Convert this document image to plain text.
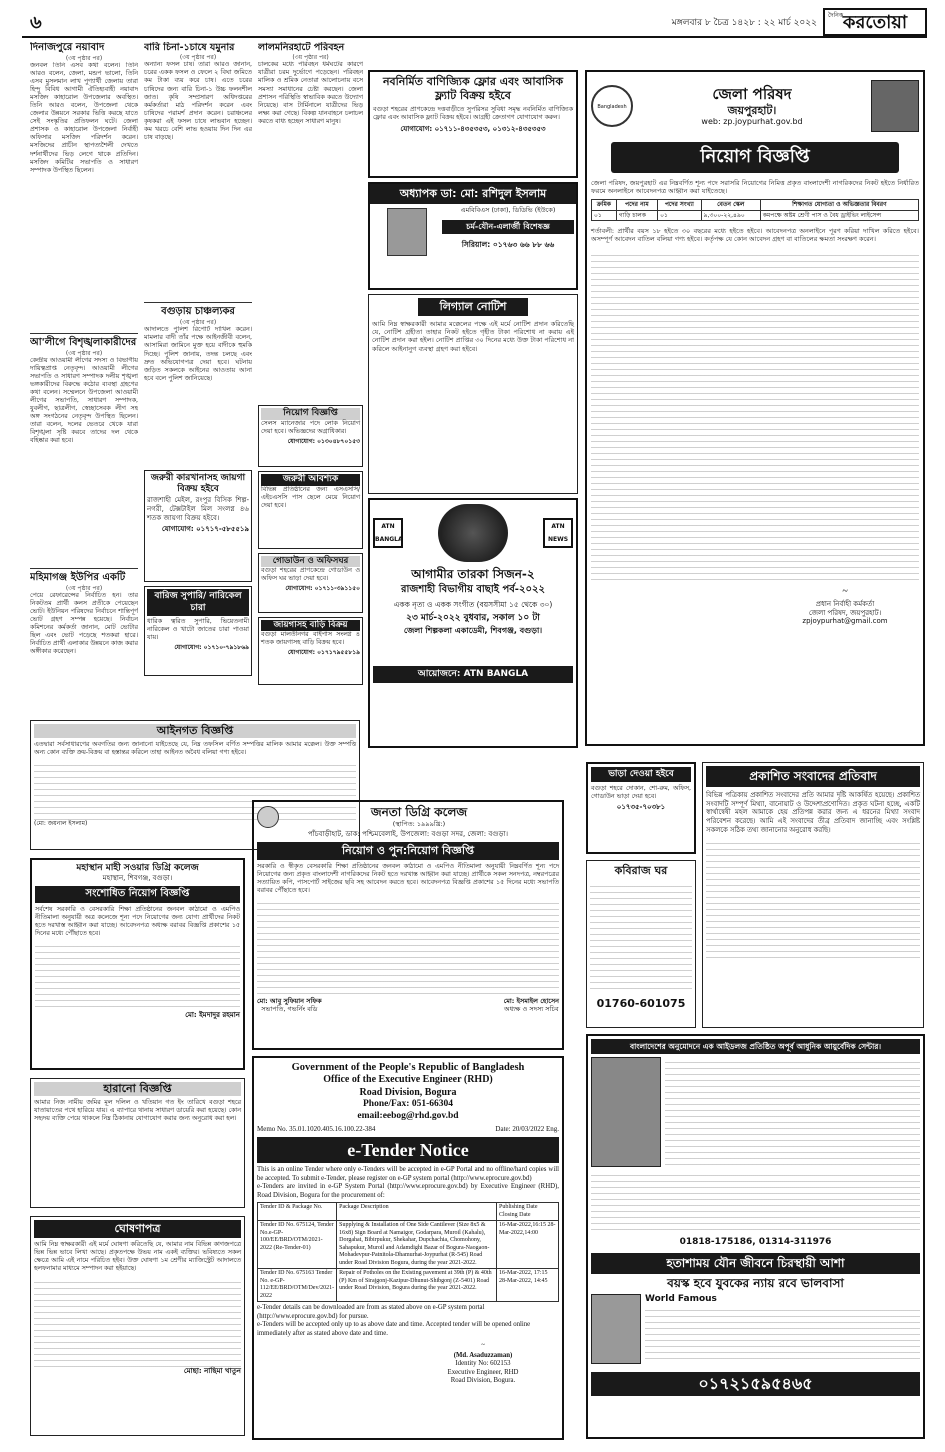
৬	মঙ্গলবার ৮ চৈত্র ১৪২৮ : ২২ মার্চ ২০২২
দৈনিক করতোয়া
দিনাজপুরে নয়াবাদ
(৩য় পৃষ্ঠার পর)
জনবল তিনি এসব কথা বলেন। তিনি আরও বলেন, জেলা, মন্ডপ ভালো, তিনি এসব মুসলমান লাখ পুণ্যার্থী জেলায় তারা হিন্দু বিবিধ আগামী ঐতিহ্যবাহী নয়াবাদ মসজিদ কাহারোল উপজেলার অবস্থিত। তিনি আরও বলেন, উপজেলা থেকে জেলার উন্নয়নে সরকার ভিত্তি করছে যাতে সেই সংস্কৃতির প্রতিফলন ঘটে। জেলা প্রশাসক ও কাহারোল উপজেলা নির্বাহী অফিসার মসজিদ পরিদর্শন করেন। মসজিদের প্রাচীন স্থাপত্যশৈলী দেখতে দর্শনার্থীদের ভিড় লেগে থাকে প্রতিদিন। মসজিদ কমিটির সভাপতি ও সাধারণ সম্পাদক উপস্থিত ছিলেন।
আ'লীগে বিশৃঙ্খলাকারীদের
(৩য় পৃষ্ঠার পর)
কেন্দ্রীয় আওয়ামী লীগের সদস্য ও বিভাগীয় দায়িত্বপ্রাপ্ত নেতৃবৃন্দ। আওয়ামী লীগের সভাপতি ও সাধারণ সম্পাদক দলীয় শৃঙ্খলা ভঙ্গকারীদের বিরুদ্ধে কঠোর ব্যবস্থা গ্রহণের কথা বলেন। সম্মেলনে উপজেলা আওয়ামী লীগের সভাপতি, সাধারণ সম্পাদক, যুবলীগ, ছাত্রলীগ, স্বেচ্ছাসেবক লীগ সহ অঙ্গ সংগঠনের নেতৃবৃন্দ উপস্থিত ছিলেন। তারা বলেন, দলের ভেতরে থেকে যারা বিশৃঙ্খলা সৃষ্টি করবে তাদের দল থেকে বহিষ্কার করা হবে।
মহিমাগঞ্জ ইউপির একটি
(৩য় পৃষ্ঠার পর)
পেয়ে রেফারেন্সের নির্বাচিত হন। তার নিকটতম প্রার্থী কলস প্রতীকে পেয়েছেন ভোট। ইউনিয়ন পরিষদের নির্বাচনে শান্তিপূর্ণ ভোট গ্রহণ সম্পন্ন হয়েছে। নির্বাচন কমিশনের কর্মকর্তা জানান, মোট ভোটার ছিল এবং ভোট পড়েছে শতকরা হারে। নির্বাচিত প্রার্থী এলাকার উন্নয়নে কাজ করার অঙ্গীকার করেছেন।
বারি চিনা-১চাষে যমুনার
(৩য় পৃষ্ঠার পর)
অন্যান্য ফসল চাষ। তারা আরও জানান, চরের একক ফসল ও ফেলে ২ বিঘা জমিতে কম টাকা ব্যয় করে চাষ। এতে চরের চাষিদের জন্য বারি চিনা-১ উচ্চ ফলনশীল জাত। কৃষি সম্প্রসারণ অধিদপ্তরের কর্মকর্তারা মাঠ পরিদর্শন করেন এবং চাষিদের পরামর্শ প্রদান করেন। চরাঞ্চলের কৃষকরা এই ফসল চাষে লাভবান হচ্ছেন। কম খরচে বেশি লাভ হওয়ায় দিন দিন এর চাষ বাড়ছে।
বগুড়ায় চাঞ্চল্যকর
(৩য় পৃষ্ঠার পর)
আদালতে পুলিশ রিপোর্ট দাখিল করেন। মামলার বাদী তাঁর পক্ষে আইনজীবী বলেন, আসামিরা জামিনে মুক্ত হয়ে বাদীকে হুমকি দিচ্ছে। পুলিশ জানায়, তদন্ত চলছে এবং দ্রুত অভিযোগপত্র দেয়া হবে। ঘটনায় জড়িত সকলকে আইনের আওতায় আনা হবে বলে পুলিশ জানিয়েছে।
জরুরী কারখানাসহ জায়গা বিক্রয় হইবে
রাজশাহী মেইল, রংপুর বিসিক শিল্প-নগরী, টেক্সটাইল মিল সংলগ্ন ৪৬ শতক জায়গা বিক্রয় হইবে।
যোগাযোগ: ০১৭১৭-৫৮৫৫১৯
বারিজ সুপারি/ নারিকেল চারা
ধারিক ত্বরিত সুপারি, ভিয়েতনামী নারিকেল ও খাটো জাতের চারা পাওয়া যায়।
যোগাযোগ: ০১৭১০-৭৯১৮৬৯
লালমনিরহাটে পরিবহন
(৩য় পৃষ্ঠার পর)
চালকের মধ্যে পরিবহন ধর্মঘটের কারণে যাত্রীরা চরম দুর্ভোগে পড়েছেন। পরিবহন মালিক ও শ্রমিক নেতারা আলোচনায় বসে সমস্যা সমাধানের চেষ্টা করছেন। জেলা প্রশাসন পরিস্থিতি স্বাভাবিক করতে উদ্যোগ নিয়েছে। বাস টার্মিনালে যাত্রীদের ভিড় লক্ষ্য করা গেছে। বিকল্প যানবাহনে চলাচল করতে বাধ্য হচ্ছেন সাধারণ মানুষ।
নিয়োগ বিজ্ঞপ্তি
সেলস ম্যানেজার পদে লোক নিয়োগ দেয়া হবে। অভিজ্ঞদের অগ্রাধিকার।
যোগাযোগ: ০১৩০৪৮৭০১৫৩
জরুরী আবশ্যক
বিভিন্ন প্রতিষ্ঠানের জন্য এসএসসি/এইচএসসি পাস ছেলে মেয়ে নিয়োগ দেয়া হবে।
গোডাউন ও অফিসঘর
বগুড়া শহরের প্রাণকেন্দ্রে গোডাউন ও অফিস ঘর ভাড়া দেয়া হবে।
যোগাযোগ: ০১৭১১-৩৯১১৫০
জায়গাসহ বাড়ি বিক্রয়
বগুড়া মালতীনগর বাইপাস সংলগ্ন ৪ শতক জায়গাসহ বাড়ি বিক্রয় হবে।
যোগাযোগ: ০১৭১৭৯৫৫৮১৯
নবনির্মিত বাণিজ্যিক ফ্লোর এবং আবাসিক ফ্ল্যাট বিক্রয় হইবে
বগুড়া শহরের প্রাণকেন্দ্রে দত্তবাড়ীতে সুপরিসর সুবিধা সমৃদ্ধ নবনির্মিত বাণিজ্যিক ফ্লোর এবং আবাসিক ফ্ল্যাট বিক্রয় হইবে। আগ্রহী ক্রেতাগণ যোগাযোগ করুন।
যোগাযোগ: ০১৭১১-৪৩৫৩৫৩, ০১৩১২-৪৩৫৩৫৩
অধ্যাপক ডা: মো: রশিদুল ইসলাম
এমবিবিএস (ঢাকা), ডিডিভি (ইউকে)
চর্ম-যৌন-এলার্জী বিশেষজ্ঞ
সিরিয়াল: ০১৭৬৩ ৬৬ ৮৮ ৬৬
লিগ্যাল নোটিশ
আমি নিম্ন স্বাক্ষরকারী আমার মক্কেলের পক্ষে এই মর্মে নোটিশ প্রদান করিতেছি যে, নোটিশ গ্রহীতা তাহার নিকট হইতে গৃহীত টাকা পরিশোধ না করায় এই নোটিশ প্রদান করা হইল। নোটিশ প্রাপ্তির ৩০ দিনের মধ্যে উক্ত টাকা পরিশোধ না করিলে আইনানুগ ব্যবস্থা গ্রহণ করা হইবে।
ATN BANGLA
ATN NEWS
আগামীর তারকা সিজন-২
রাজশাহী বিভাগীয় বাছাই পর্ব-২০২২
একক নৃত্য ও একক সংগীত (বয়সসীমা ১৫ থেকে ৩০)
২৩ মার্চ-২০২২ বুধবার, সকাল ১০ টা
জেলা শিল্পকলা একাডেমী, শিবগঞ্জ, বগুড়া।
আয়োজনে: ATN BANGLA
Bangladesh
জেলা পরিষদ
জয়পুরহাট।
web: zp.joypurhat.gov.bd
নিয়োগ বিজ্ঞপ্তি
জেলা পরিষদ, জয়পুরহাট এর নিম্নবর্ণিত শূন্য পদে সরাসরি নিয়োগের নিমিত্ত প্রকৃত বাংলাদেশী নাগরিকদের নিকট হইতে নির্ধারিত ফরমে অনলাইনে আবেদনপত্র আহ্বান করা যাইতেছে।
ক্রমিক	পদের নাম	পদের সংখ্যা	বেতন স্কেল	শিক্ষাগত যোগ্যতা ও অভিজ্ঞতার বিবরণ
০১	গাড়ি চালক	০১	৯,৩০০-২২,৪৯০	কমপক্ষে অষ্টম শ্রেণী পাস ও বৈধ ড্রাইভিং লাইসেন্স
শর্তাবলী: প্রার্থীর বয়স ১৮ হইতে ৩০ বছরের মধ্যে হইতে হইবে। আবেদনপত্র অনলাইনে পূরণ করিয়া দাখিল করিতে হইবে। অসম্পূর্ণ আবেদন বাতিল বলিয়া গণ্য হইবে। কর্তৃপক্ষ যে কোন আবেদন গ্রহণ বা বাতিলের ক্ষমতা সংরক্ষণ করেন।
~
প্রধান নির্বাহী কর্মকর্তা
জেলা পরিষদ, জয়পুরহাট।
zpjoypurhat@gmail.com
আইনগত বিজ্ঞপ্তি
এতদ্বারা সর্বসাধারণের অবগতির জন্য জানানো যাইতেছে যে, নিম্ন তফসিল বর্ণিত সম্পত্তির মালিক আমার মক্কেল। উক্ত সম্পত্তি অন্য কোন ব্যক্তি ক্রয়-বিক্রয় বা হস্তান্তর করিলে তাহা আইনত অবৈধ বলিয়া গণ্য হইবে।
(মো: জয়নাল ইসলাম)
মহাস্থান মাহী সওয়ার ডিগ্রি কলেজ
মহাস্থান, শিবগঞ্জ, বগুড়া।
সংশোধিত নিয়োগ বিজ্ঞপ্তি
সর্বশেষ সরকারি ও বেসরকারি শিক্ষা প্রতিষ্ঠানের জনবল কাঠামো ও এমপিও নীতিমালা অনুযায়ী অত্র কলেজে শূন্য পদে নিয়োগের জন্য যোগ্য প্রার্থীদের নিকট হতে দরখাস্ত আহ্বান করা যাচ্ছে। আবেদনপত্র অধ্যক্ষ বরাবর বিজ্ঞপ্তি প্রকাশের ১৫ দিনের মধ্যে পৌঁছাতে হবে।
মো: ইমদাদুর রহমান
হারানো বিজ্ঞপ্তি
আমার নিজ নামীয় জমির মূল দলিল ও খতিয়ান গত ইং তারিখে বগুড়া শহরে যাতায়াতের পথে হারিয়ে যায়। এ ব্যাপারে থানায় সাধারণ ডায়েরি করা হয়েছে। কোন সহৃদয় ব্যক্তি পেয়ে থাকলে নিম্ন ঠিকানায় যোগাযোগ করার জন্য অনুরোধ করা হল।
ঘোষণাপত্র
আমি নিম্ন স্বাক্ষরকারী এই মর্মে ঘোষণা করিতেছি যে, আমার নাম বিভিন্ন কাগজপত্রে ভিন্ন ভিন্ন ভাবে লিখা আছে। প্রকৃতপক্ষে উভয় নাম একই ব্যক্তির। ভবিষ্যতে সকল ক্ষেত্রে আমি এই নামে পরিচিত হইব। উক্ত ঘোষণা ১ম শ্রেণীর ম্যাজিস্ট্রেট আদালতে হলফনামার মাধ্যমে সম্পাদন করা হইয়াছে।
মোছা: নাছিমা খাতুন
জনতা ডিগ্রি কলেজ
(স্থাপিত: ১৯৯৯খ্রি:)
পাঁচবাড়ীহাট, ডাক: পশ্চিমবেলাই, উপজেলা: বগুড়া সদর, জেলা: বগুড়া।
নিয়োগ ও পুন:নিয়োগ বিজ্ঞপ্তি
সরকারি ও স্বীকৃত বেসরকারি শিক্ষা প্রতিষ্ঠানের জনবল কাঠামো ও এমপিও নীতিমালা অনুযায়ী নিম্নবর্ণিত শূন্য পদে নিয়োগের জন্য প্রকৃত বাংলাদেশী নাগরিকদের নিকট হতে দরখাস্ত আহ্বান করা যাচ্ছে। প্রার্থীকে সকল সনদপত্র, নম্বরপত্রের সত্যায়িত কপি, পাসপোর্ট সাইজের ছবি সহ আবেদন করতে হবে। আবেদনপত্র বিজ্ঞপ্তি প্রকাশের ১৫ দিনের মধ্যে সভাপতি বরাবর পৌঁছাতে হবে।
মো: আবু সুফিয়ান সফিক
সভাপতি, গভর্নিং বডি
মো: ইসমাইল হোসেন
অধ্যক্ষ ও সদস্য সচিব
Government of the People's Republic of Bangladesh
Office of the Executive Engineer (RHD)
Road Division, Bogura
Phone/Fax: 051-66304
email:eebog@rhd.gov.bd
Memo No. 35.01.1020.405.16.100.22-384	Date: 20/03/2022 Eng.
e-Tender Notice
This is an online Tender where only e-Tenders will be accepted in e-GP Portal and no offline/hard copies will be accepted. To submit e-Tender, please register on e-GP system portal (http://www.eprocure.gov.bd)
e-Tenders are invited in e-GP System Portal (http://www.eprocure.gov.bd) by Executive Engineer (RHD), Road Division, Bogura for the procurement of:
Tender ID & Package No.	Package Description	Publishing Date Closing Date
Tender ID No. 675124, Tender No.e-GP-100/EE/BRD/OTM/2021-2022 (Re-Tender-01)	Supplying & Installation of One Side Cantilever (Size 8x5 & 16x8) Sign Board at Namaigor, Godarpara, Muroil (Kahalu), Dorgahat, Bibirpukur, Shekahar, Dupchachia, Chomohony, Sahapukur, Muroil and Adamdighi Bazar of Bogura-Naogaon-Mohadevpur-Patnitola-Dhamurhat-Joypurhat (R-545) Road under Road Division Bogura, during the year 2021-2022.	16-Mar-2022,16:15 28-Mar-2022,14:00
Tender ID No. 675163 Tender No. e-GP-112/EE/BRD/OTM/Dev/2021-2022	Repair of Potholes on the Existing pavement at 39th (P) & 40th (P) Km of Sirajgonj-Kazipur-Dhunut-Shibgonj (Z-5401) Road under Road Division, Bogura during the year 2021-2022.	16-Mar-2022, 17:15 28-Mar-2022, 14:45
e-Tender details can be downloaded are from as stated above on e-GP system portal (http://www.eprocure.gov.bd) for pursue.
e-Tenders will be accepted only up to as above date and time. Accepted tender will be opened online immediately after as stated above date and time.
~
(Md. Asaduzzaman)
Identity No: 602153
Executive Engineer, RHD
Road Division, Bogura.
ভাড়া দেওয়া হইবে
বগুড়া শহরে দোকান, শো-রুম, অফিস, গোডাউন ভাড়া দেয়া হবে।
০১৭৩৫-৭০৩৮১
কবিরাজ ঘর
01760-601075
প্রকাশিত সংবাদের প্রতিবাদ
বিভিন্ন পত্রিকায় প্রকাশিত সংবাদের প্রতি আমার দৃষ্টি আকর্ষিত হয়েছে। প্রকাশিত সংবাদটি সম্পূর্ণ মিথ্যা, বানোয়াট ও উদ্দেশ্যপ্রণোদিত। প্রকৃত ঘটনা হচ্ছে, একটি স্বার্থান্বেষী মহল আমাকে হেয় প্রতিপন্ন করার জন্য এ ধরনের মিথ্যা সংবাদ পরিবেশন করেছে। আমি এই সংবাদের তীব্র প্রতিবাদ জানাচ্ছি এবং সংশ্লিষ্ট সকলকে সঠিক তথ্য জানানোর অনুরোধ করছি।
বাংলাদেশের অনুমোদনে এক আইডলজ প্রতিষ্ঠিত অপূর্ব আধুনিক আয়ুর্বেদিক সেন্টার।
01818-175186, 01314-311976
হতাশাময় যৌন জীবনে চিরস্থায়ী আশা
বয়স্ক হবে যুবকের ন্যায় রবে ভালবাসা
World Famous
০১৭২১৫৯৫৪৬৫
